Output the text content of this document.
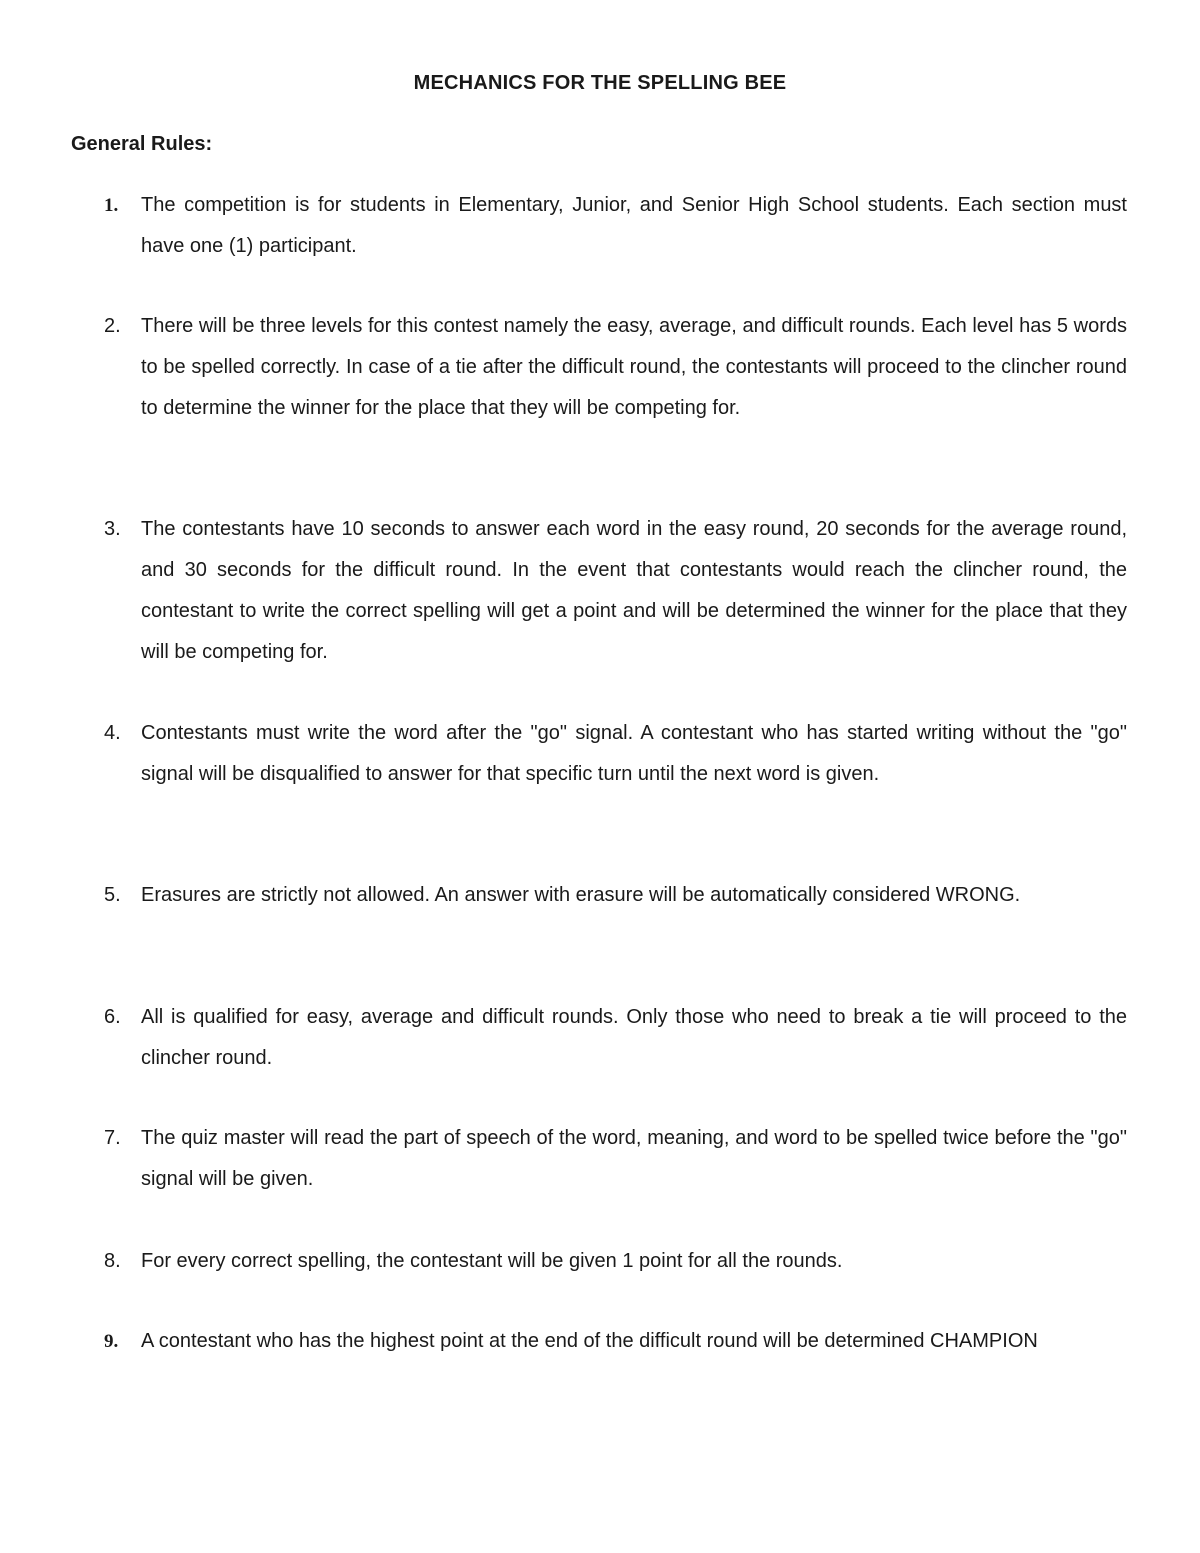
MECHANICS FOR THE SPELLING BEE
General Rules:
1. The competition is for students in Elementary, Junior, and Senior High School students. Each section must have one (1) participant.

2. There will be three levels for this contest namely the easy, average, and difficult rounds. Each level has 5 words to be spelled correctly. In case of a tie after the difficult round, the contestants will proceed to the clincher round to determine the winner for the place that they will be competing for.

3. The contestants have 10 seconds to answer each word in the easy round, 20 seconds for the average round, and 30 seconds for the difficult round. In the event that contestants would reach the clincher round, the contestant to write the correct spelling will get a point and will be determined the winner for the place that they will be competing for.

4. Contestants must write the word after the "go" signal. A contestant who has started writing without the "go" signal will be disqualified to answer for that specific turn until the next word is given.

5. Erasures are strictly not allowed. An answer with erasure will be automatically considered WRONG.

6. All is qualified for easy, average and difficult rounds. Only those who need to break a tie will proceed to the clincher round.

7. The quiz master will read the part of speech of the word, meaning, and word to be spelled twice before the "go" signal will be given.

8. For every correct spelling, the contestant will be given 1 point for all the rounds.

9. A contestant who has the highest point at the end of the difficult round will be determined CHAMPION
